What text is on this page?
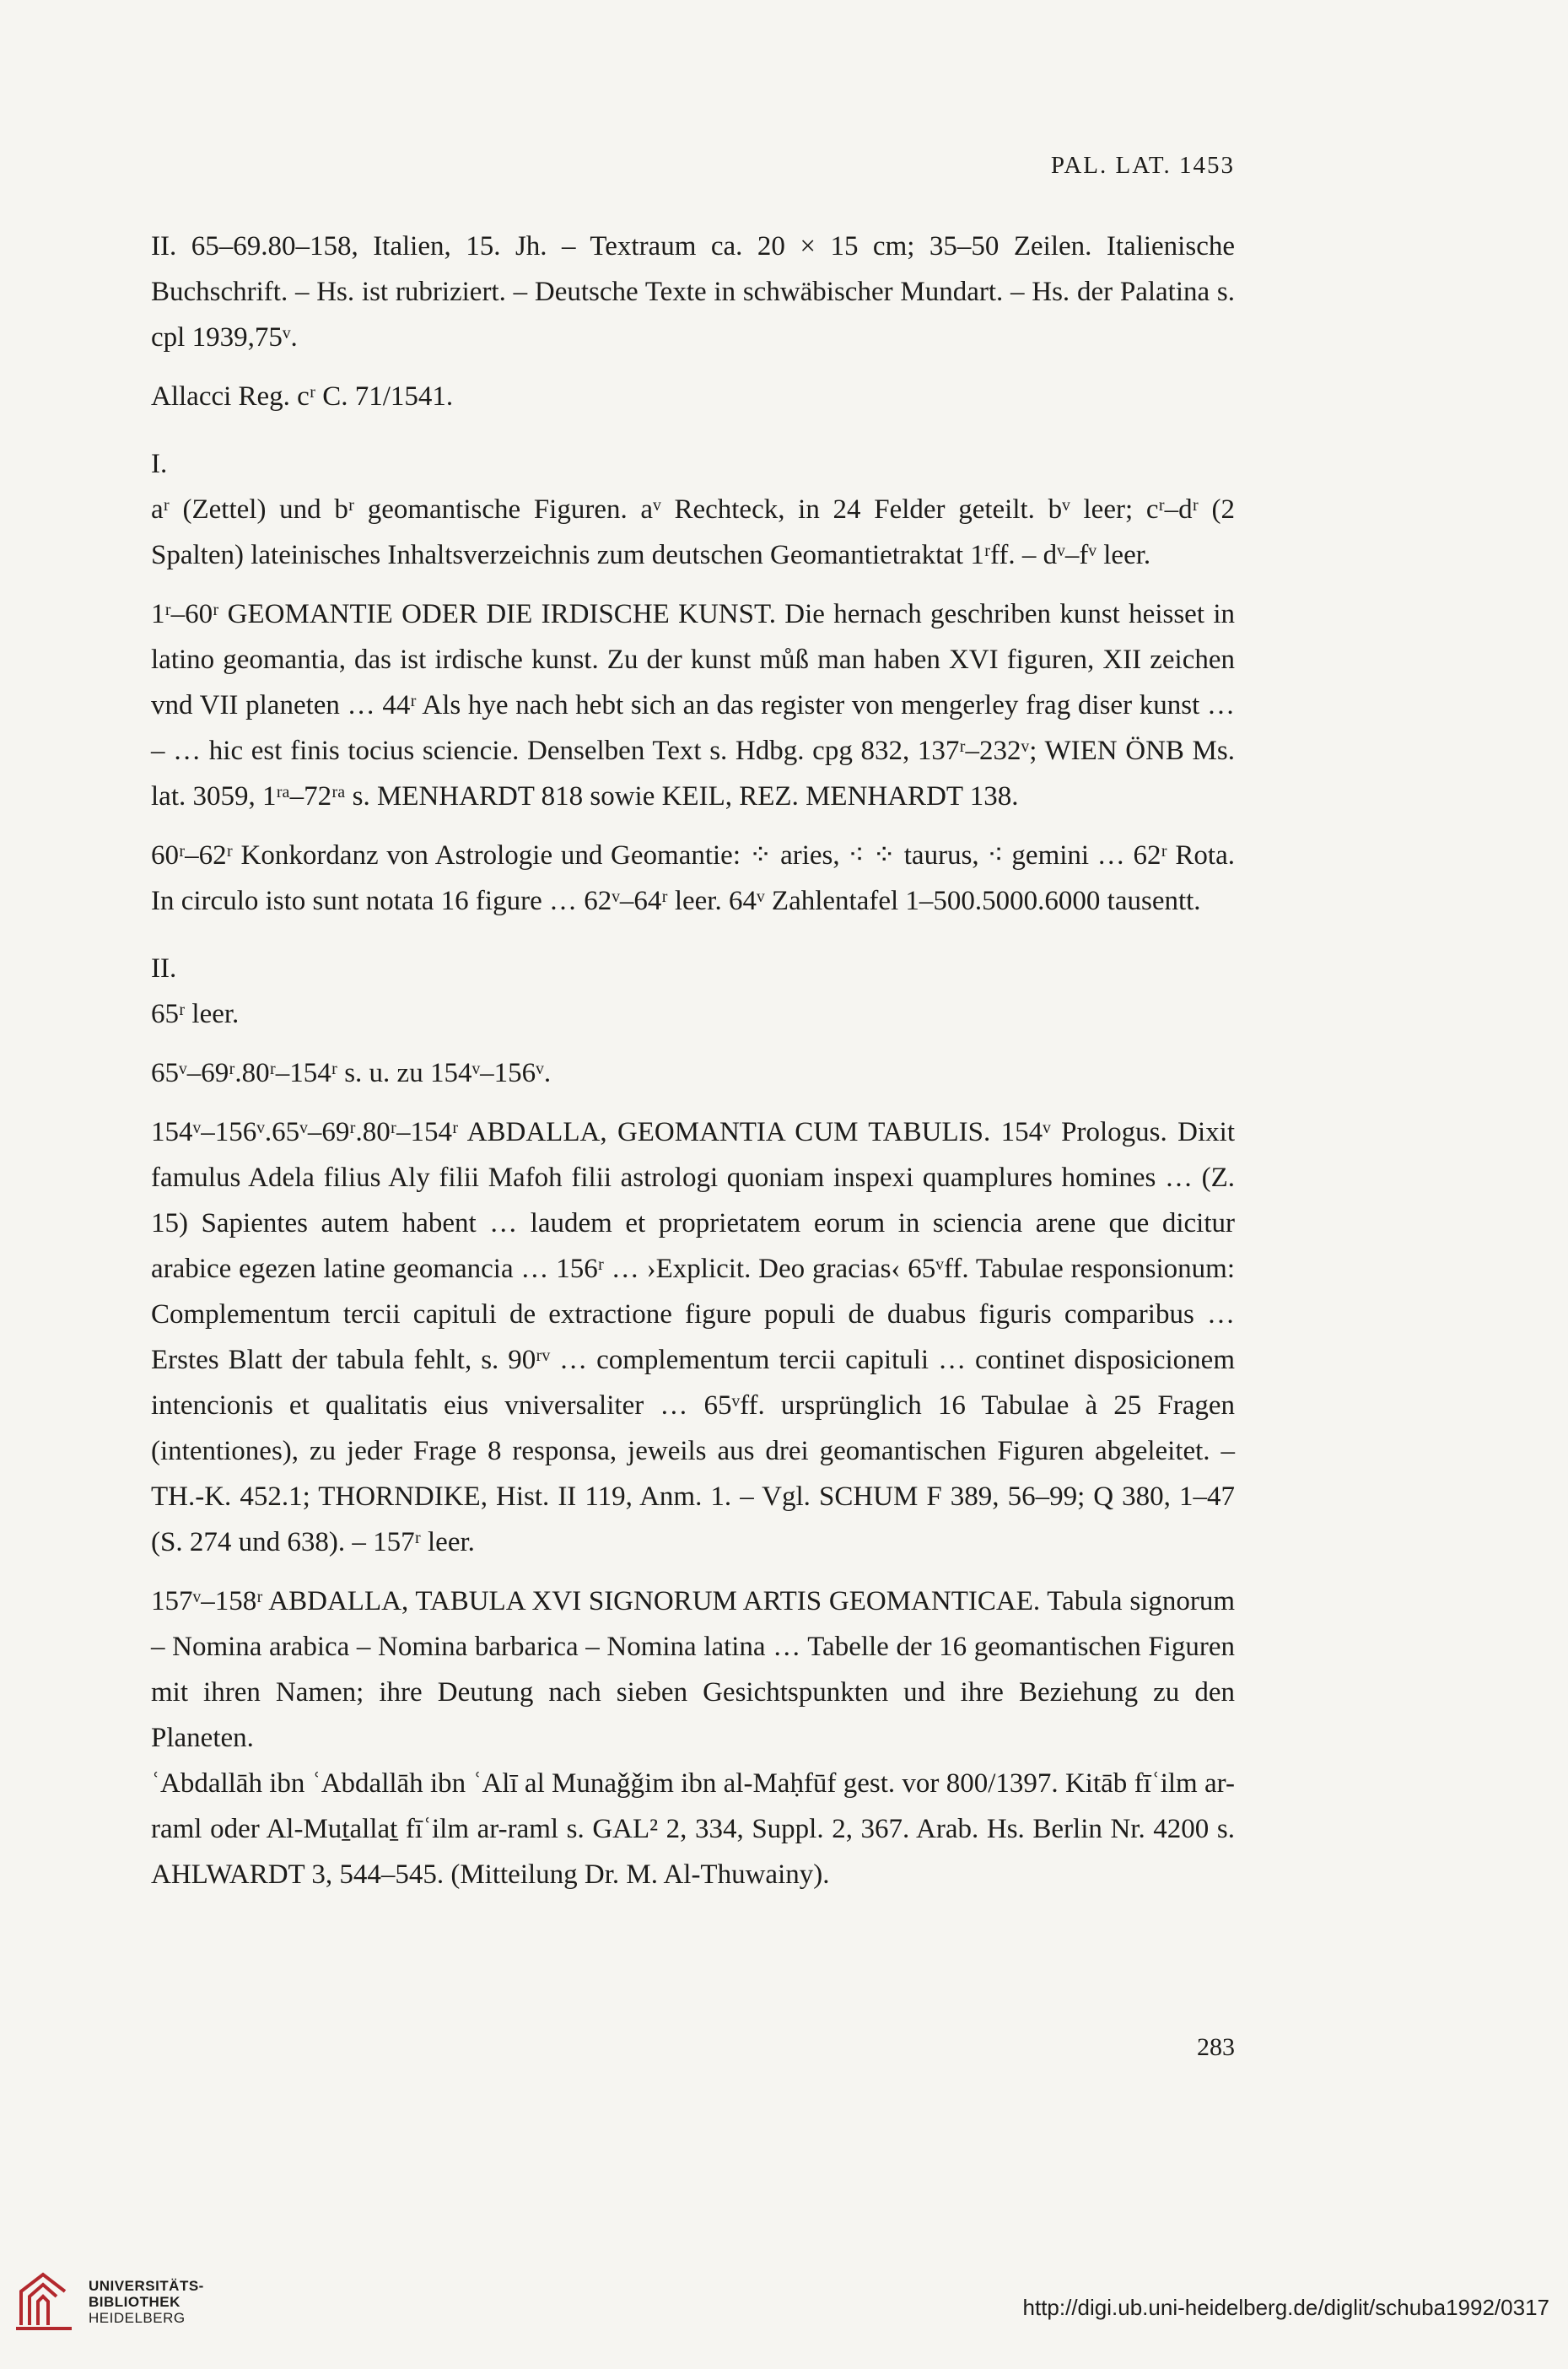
PAL. LAT. 1453

II. 65–69.80–158, Italien, 15. Jh. – Textraum ca. 20 × 15 cm; 35–50 Zeilen. Italienische Buchschrift. – Hs. ist rubriziert. – Deutsche Texte in schwäbischer Mundart. – Hs. der Palatina s. cpl 1939,75ᵛ.

Allacci Reg. cʳ C. 71/1541.

I.

aʳ (Zettel) und bʳ geomantische Figuren. aᵛ Rechteck, in 24 Felder geteilt. bᵛ leer; cʳ–dʳ (2 Spalten) lateinisches Inhaltsverzeichnis zum deutschen Geomantietraktat 1ʳff. – dᵛ–fᵛ leer.

1ʳ–60ʳ GEOMANTIE ODER DIE IRDISCHE KUNST. Die hernach geschriben kunst heisset in latino geomantia, das ist irdische kunst. Zu der kunst můß man haben XVI figuren, XII zeichen vnd VII planeten … 44ʳ Als hye nach hebt sich an das register von mengerley frag diser kunst … – … hic est finis tocius sciencie. Denselben Text s. Hdbg. cpg 832, 137ʳ–232ᵛ; WIEN ÖNB Ms. lat. 3059, 1ʳᵃ–72ʳᵃ s. MENHARDT 818 sowie KEIL, REZ. MENHARDT 138.

60ʳ–62ʳ Konkordanz von Astrologie und Geomantie: ⁘ aries, ⁖ ⁘ taurus, ⁖ gemini … 62ʳ Rota. In circulo isto sunt notata 16 figure … 62ᵛ–64ʳ leer. 64ᵛ Zahlentafel 1–500.5000.6000 tausentt.

II.

65ʳ leer.

65ᵛ–69ʳ.80ʳ–154ʳ s. u. zu 154ᵛ–156ᵛ.

154ᵛ–156ᵛ.65ᵛ–69ʳ.80ʳ–154ʳ ABDALLA, GEOMANTIA CUM TABULIS. 154ᵛ Prologus. Dixit famulus Adela filius Aly filii Mafoh filii astrologi quoniam inspexi quamplures homines … (Z. 15) Sapientes autem habent … laudem et proprietatem eorum in sciencia arene que dicitur arabice egezen latine geomancia … 156ʳ … ›Explicit. Deo gracias‹ 65ᵛff. Tabulae responsionum: Complementum tercii capituli de extractione figure populi de duabus figuris comparibus … Erstes Blatt der tabula fehlt, s. 90ʳᵛ … complementum tercii capituli … continet disposicionem intencionis et qualitatis eius vniversaliter … 65ᵛff. ursprünglich 16 Tabulae à 25 Fragen (intentiones), zu jeder Frage 8 responsa, jeweils aus drei geomantischen Figuren abgeleitet. – TH.-K. 452.1; THORNDIKE, Hist. II 119, Anm. 1. – Vgl. SCHUM F 389, 56–99; Q 380, 1–47 (S. 274 und 638). – 157ʳ leer.

157ᵛ–158ʳ ABDALLA, TABULA XVI SIGNORUM ARTIS GEOMANTICAE. Tabula signorum – Nomina arabica – Nomina barbarica – Nomina latina … Tabelle der 16 geomantischen Figuren mit ihren Namen; ihre Deutung nach sieben Gesichtspunkten und ihre Beziehung zu den Planeten.

ʿAbdallāh ibn ʿAbdallāh ibn ʿAlī al Munaǧǧim ibn al-Maḥfūf gest. vor 800/1397. Kitāb fīʿilm ar-raml oder Al-Muṯallaṯ fīʿilm ar-raml s. GAL² 2, 334, Suppl. 2, 367. Arab. Hs. Berlin Nr. 4200 s. AHLWARDT 3, 544–545. (Mitteilung Dr. M. Al-Thuwainy).

283
UNIVERSITÄTS-
BIBLIOTHEK
HEIDELBERG	http://digi.ub.uni-heidelberg.de/diglit/schuba1992/0317
